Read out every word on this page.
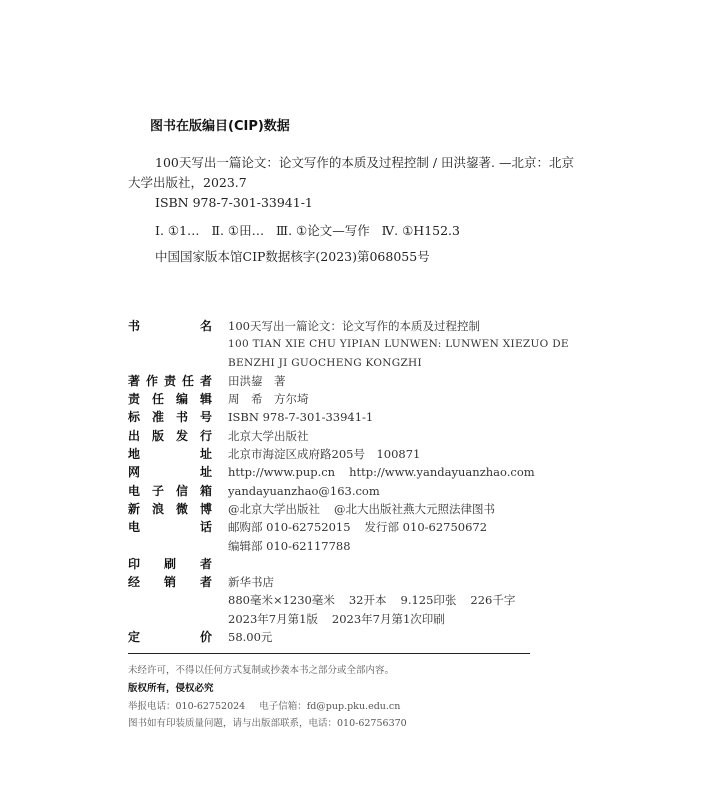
图书在版编目(CIP)数据
100天写出一篇论文：论文写作的本质及过程控制 / 田洪鋆著. —北京：北京大学出版社，2023.7
ISBN 978-7-301-33941-1
Ⅰ. ①1…   Ⅱ. ①田…   Ⅲ. ①论文—写作   Ⅳ. ①H152.3
中国国家版本馆CIP数据核字(2023)第068055号
书名 100天写出一篇论文：论文写作的本质及过程控制
100 TIAN XIE CHU YIPIAN LUNWEN: LUNWEN XIEZUO DE
BENZHI JI GUOCHENG KONGZHI
著作责任者 田洪鋆　著
责任编辑 周　希　方尔埼
标准书号 ISBN 978-7-301-33941-1
出版发行 北京大学出版社
地址 北京市海淀区成府路205号　100871
网址 http://www.pup.cn http://www.yandayuanzhao.com
电子信箱 yandayuanzhao@163.com
新浪微博 @北京大学出版社 @北大出版社燕大元照法律图书
电话 邮购部 010-62752015 发行部 010-62750672
编辑部 010-62117788
印刷者
经销者 新华书店
880毫米×1230毫米 32开本 9.125印张 226千字
2023年7月第1版 2023年7月第1次印刷
定价 58.00元
未经许可，不得以任何方式复制或抄袭本书之部分或全部内容。
版权所有，侵权必究
举报电话：010-62752024 电子信箱：fd@pup.pku.edu.cn
图书如有印装质量问题，请与出版部联系，电话：010-62756370
